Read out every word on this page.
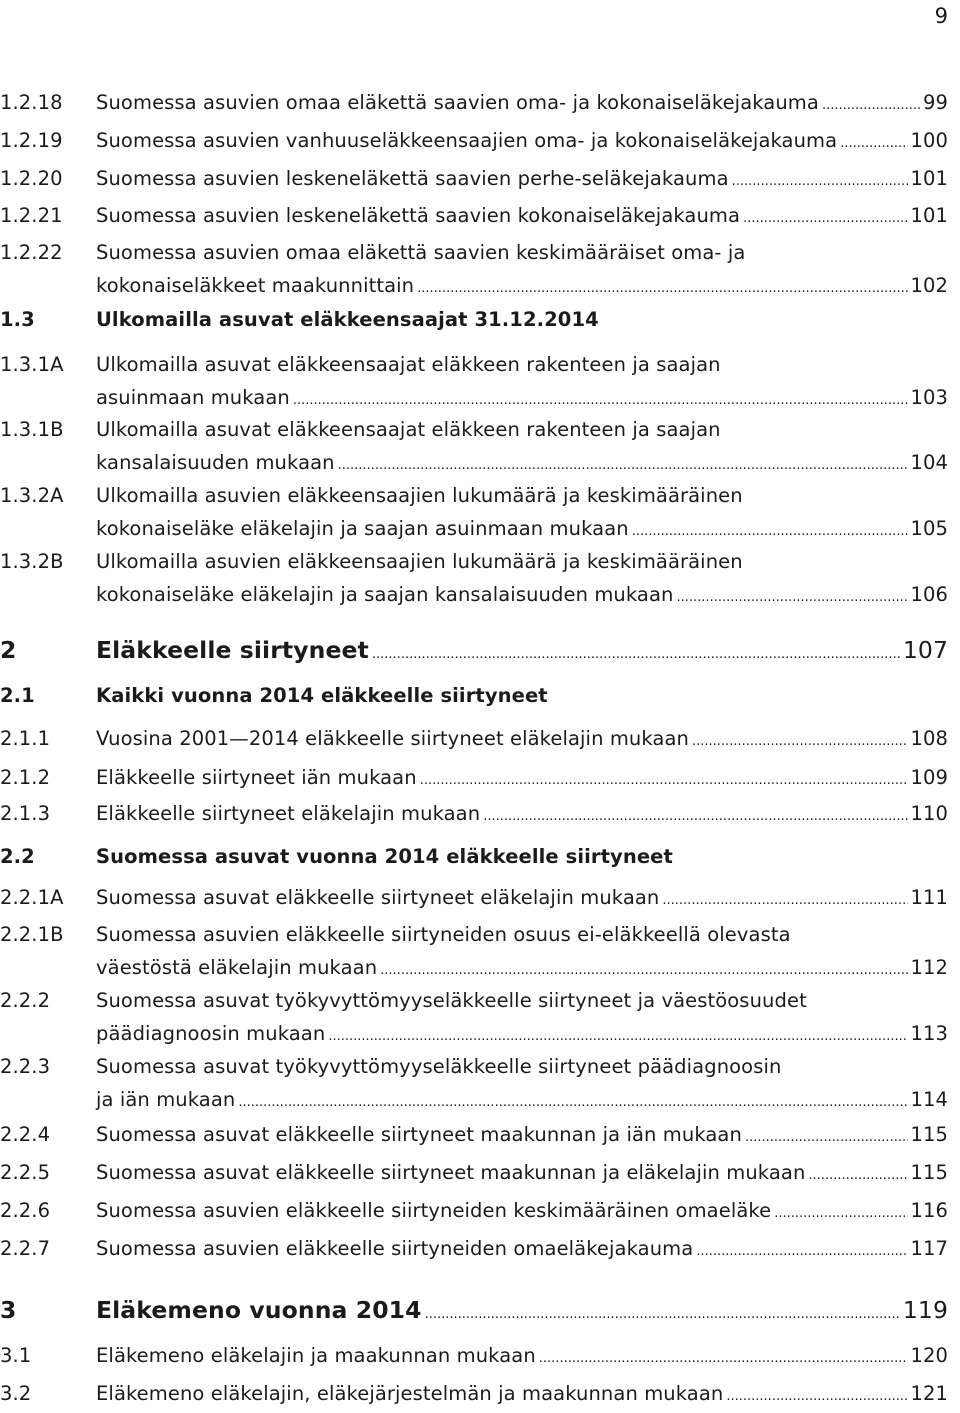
9
1.2.18 Suomessa asuvien omaa eläkettä saavien oma- ja kokonaiseläkejakauma .....	99
1.2.19 Suomessa asuvien vanhuuseläkkeensaajien oma- ja kokonaiseläkejakauma .....	100
1.2.20 Suomessa asuvien leskeneläkettä saavien perhe-seläkejakauma .....	101
1.2.21 Suomessa asuvien leskeneläkettä saavien kokonaiseläkejakauma .....	101
1.2.22 Suomessa asuvien omaa eläkettä saavien keskimääräiset oma- ja
kokonaiseläkkeet maakunnittain .....	102
1.3	Ulkomailla asuvat eläkkeensaajat 31.12.2014
1.3.1A Ulkomailla asuvat eläkkeensaajat eläkkeen rakenteen ja saajan
asuinmaan mukaan .....	103
1.3.1B Ulkomailla asuvat eläkkeensaajat eläkkeen rakenteen ja saajan
kansalaisuuden mukaan .....	104
1.3.2A Ulkomailla asuvien eläkkeensaajien lukumäärä ja keskimääräinen
kokonaiseläke eläkelajin ja saajan asuinmaan mukaan .....	105
1.3.2B Ulkomailla asuvien eläkkeensaajien lukumäärä ja keskimääräinen
kokonaiseläke eläkelajin ja saajan kansalaisuuden mukaan .....	106
2	Eläkkeelle siirtyneet .....	107
2.1	Kaikki vuonna 2014 eläkkeelle siirtyneet
2.1.1 Vuosina 2001—2014 eläkkeelle siirtyneet eläkelajin mukaan .....	108
2.1.2 Eläkkeelle siirtyneet iän mukaan .....	109
2.1.3 Eläkkeelle siirtyneet eläkelajin mukaan .....	110
2.2	Suomessa asuvat vuonna 2014 eläkkeelle siirtyneet
2.2.1A Suomessa asuvat eläkkeelle siirtyneet eläkelajin mukaan .....	111
2.2.1B Suomessa asuvien eläkkeelle siirtyneiden osuus ei-eläkkeellä olevasta
väestöstä eläkelajin mukaan .....	112
2.2.2 Suomessa asuvat työkyvyttömyyseläkkeelle siirtyneet ja väestöosuudet
päädiagnoosin mukaan .....	113
2.2.3 Suomessa asuvat työkyvyttömyyseläkkeelle siirtyneet päädiagnoosin
ja iän mukaan .....	114
2.2.4 Suomessa asuvat eläkkeelle siirtyneet maakunnan ja iän mukaan .....	115
2.2.5 Suomessa asuvat eläkkeelle siirtyneet maakunnan ja eläkelajin mukaan .....	115
2.2.6 Suomessa asuvien eläkkeelle siirtyneiden keskimääräinen omaeläke .....	116
2.2.7 Suomessa asuvien eläkkeelle siirtyneiden omaeläkejakauma .....	117
3	Eläkemeno vuonna 2014 .....	119
3.1	Eläkemeno eläkelajin ja maakunnan mukaan .....	120
3.2	Eläkemeno eläkelajin, eläkejärjestelmän ja maakunnan mukaan .....	121
